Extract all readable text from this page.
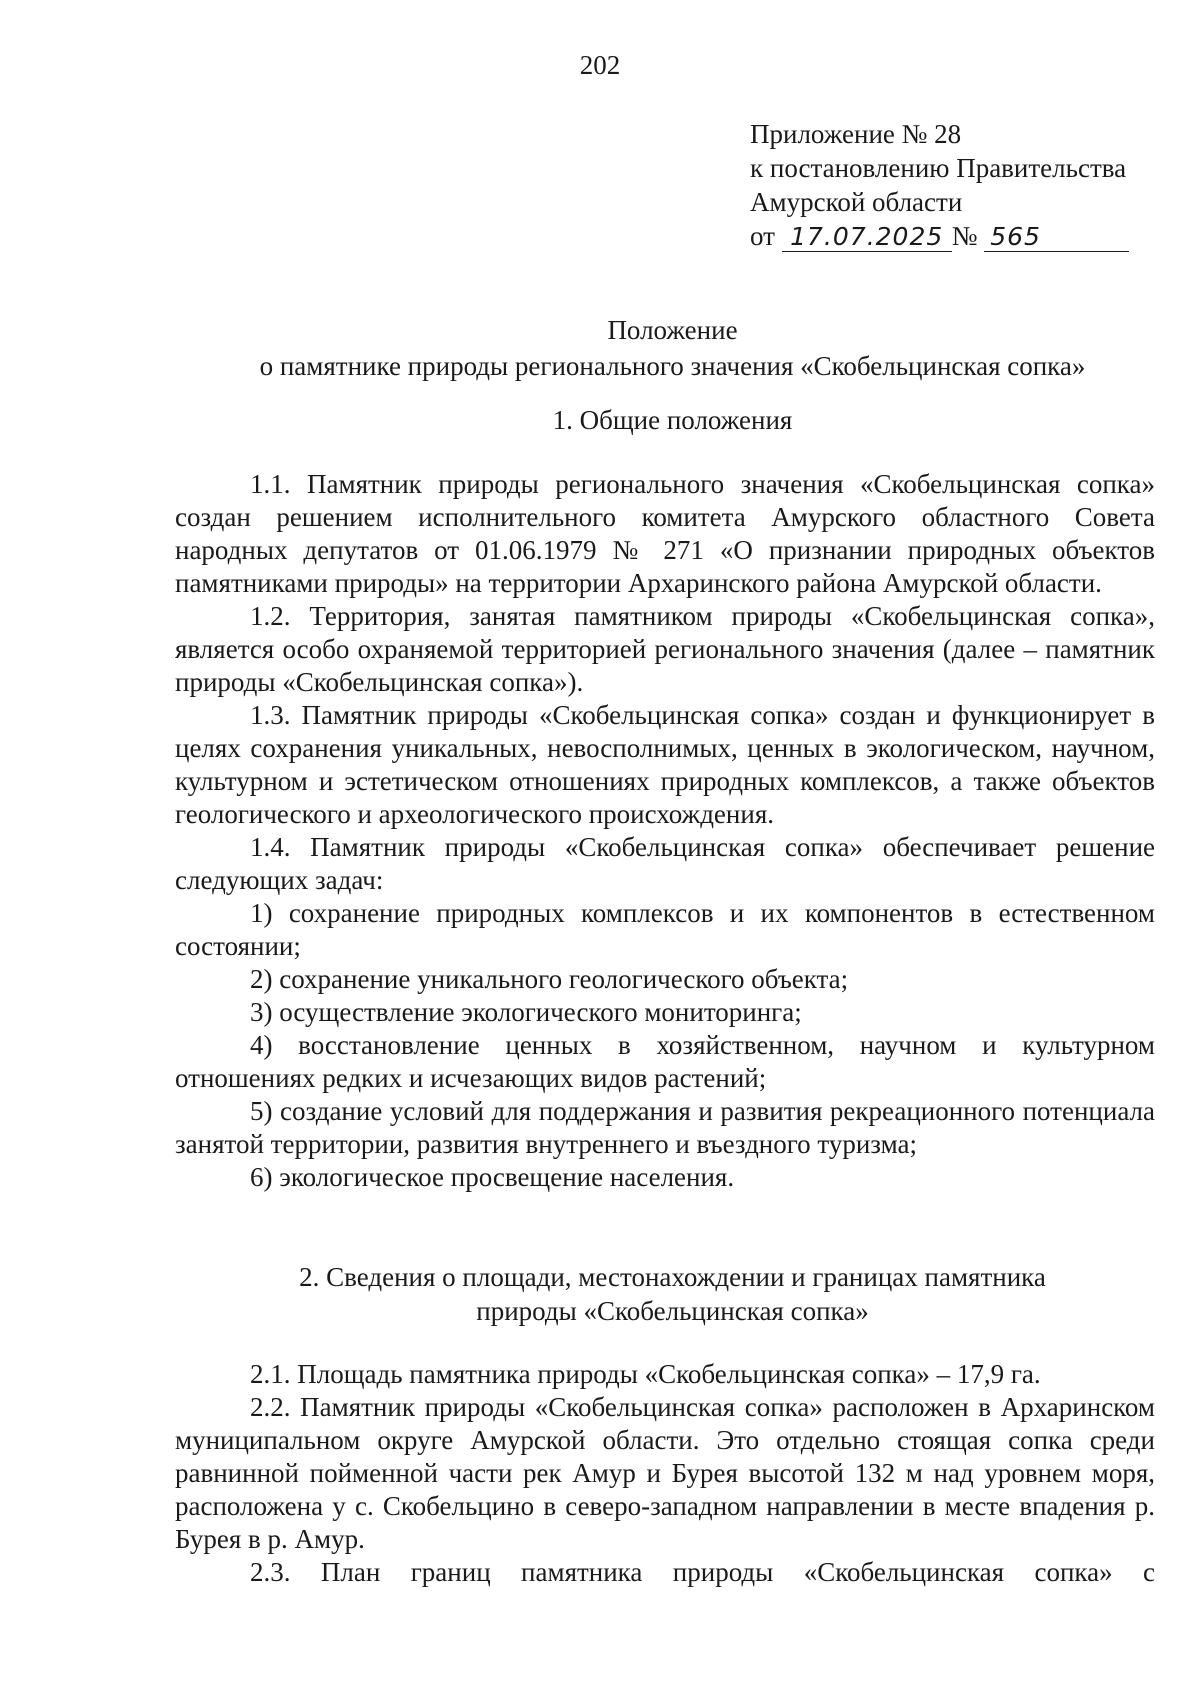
202
Приложение № 28
к постановлению Правительства
Амурской области
от 17.07.2025 № 565
Положение
о памятнике природы регионального значения «Скобельцинская сопка»
1. Общие положения

1.1. Памятник природы регионального значения «Скобельцинская сопка» создан решением исполнительного комитета Амурского областного Совета народных депутатов от 01.06.1979 № 271 «О признании природных объектов памятниками природы» на территории Архаринского района Амурской области.

1.2. Территория, занятая памятником природы «Скобельцинская сопка», является особо охраняемой территорией регионального значения (далее – памятник природы «Скобельцинская сопка»).

1.3. Памятник природы «Скобельцинская сопка» создан и функционирует в целях сохранения уникальных, невосполнимых, ценных в экологическом, научном, культурном и эстетическом отношениях природных комплексов, а также объектов геологического и археологического происхождения.

1.4. Памятник природы «Скобельцинская сопка» обеспечивает решение следующих задач:

1) сохранение природных комплексов и их компонентов в естественном состоянии;

2) сохранение уникального геологического объекта;

3) осуществление экологического мониторинга;

4) восстановление ценных в хозяйственном, научном и культурном отношениях редких и исчезающих видов растений;

5) создание условий для поддержания и развития рекреационного потенциала занятой территории, развития внутреннего и въездного туризма;

6) экологическое просвещение населения.

2. Сведения о площади, местонахождении и границах памятника
природы «Скобельцинская сопка»

2.1. Площадь памятника природы «Скобельцинская сопка» – 17,9 га.

2.2. Памятник природы «Скобельцинская сопка» расположен в Архаринском муниципальном округе Амурской области. Это отдельно стоящая сопка среди равнинной пойменной части рек Амур и Бурея высотой 132 м над уровнем моря, расположена у с. Скобельцино в северо-западном направлении в месте впадения р. Бурея в р. Амур.

2.3. План границ памятника природы «Скобельцинская сопка» с
